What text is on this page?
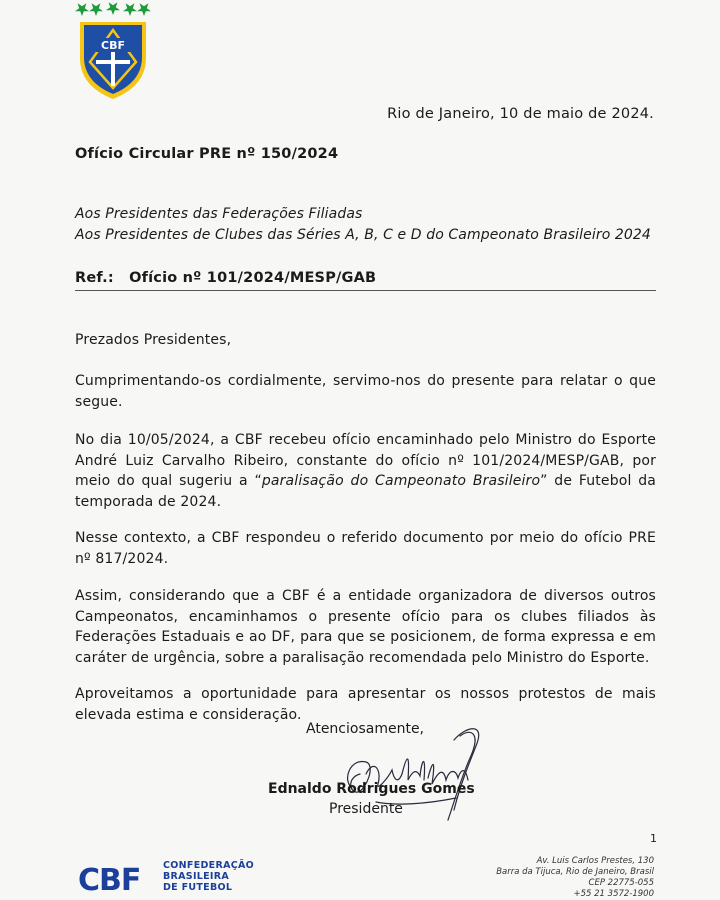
CBF
Rio de Janeiro, 10 de maio de 2024.
Ofício Circular PRE nº 150/2024
Aos Presidentes das Federações Filiadas
Aos Presidentes de Clubes das Séries A, B, C e D do Campeonato Brasileiro 2024
Ref.: Ofício nº 101/2024/MESP/GAB
Prezados Presidentes,
Cumprimentando-os cordialmente, servimo-nos do presente para relatar o que segue.
No dia 10/05/2024, a CBF recebeu ofício encaminhado pelo Ministro do Esporte André Luiz Carvalho Ribeiro, constante do ofício nº 101/2024/MESP/GAB, por meio do qual sugeriu a “paralisação do Campeonato Brasileiro” de Futebol da temporada de 2024.
Nesse contexto, a CBF respondeu o referido documento por meio do ofício PRE nº 817/2024.
Assim, considerando que a CBF é a entidade organizadora de diversos outros Campeonatos, encaminhamos o presente ofício para os clubes filiados às Federações Estaduais e ao DF, para que se posicionem, de forma expressa e em caráter de urgência, sobre a paralisação recomendada pelo Ministro do Esporte.
Aproveitamos a oportunidade para apresentar os nossos protestos de mais elevada estima e consideração.
Atenciosamente,
Ednaldo Rodrigues Gomes
Presidente
1
CBF CONFEDERAÇÃO
BRASILEIRA
DE FUTEBOL
Av. Luis Carlos Prestes, 130
Barra da Tijuca, Rio de Janeiro, Brasil
CEP 22775-055
+55 21 3572-1900
